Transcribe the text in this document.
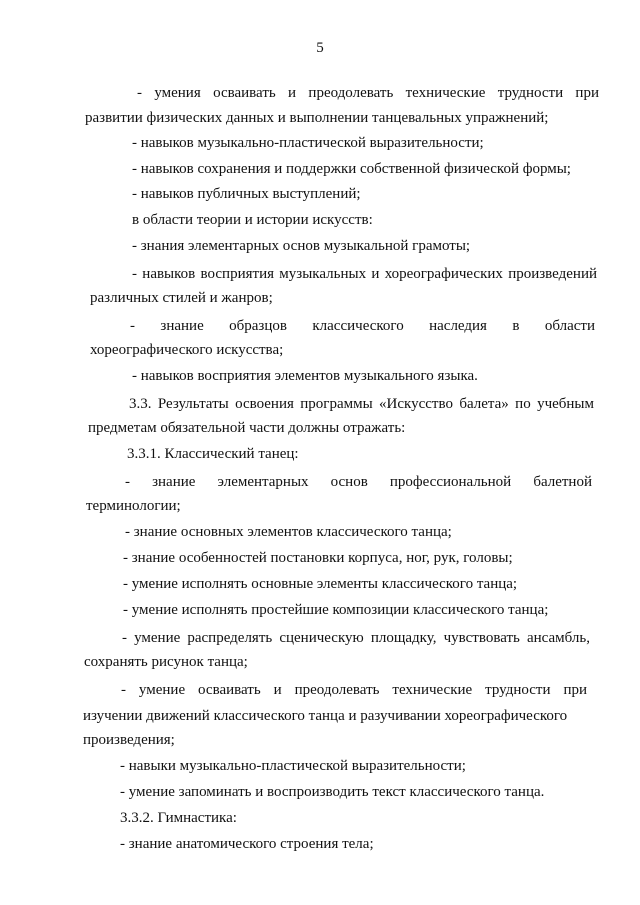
5

- умения осваивать и преодолевать технические трудности при

развитии физических данных и выполнении танцевальных упражнений;

- навыков музыкально-пластической выразительности;

- навыков сохранения и поддержки собственной физической формы;

- навыков публичных выступлений;

в области теории и истории искусств:

- знания элементарных основ музыкальной грамоты;

- навыков восприятия музыкальных и хореографических произведений

различных стилей и жанров;

- знание образцов классического наследия в области

хореографического искусства;

- навыков восприятия элементов музыкального языка.

3.3. Результаты освоения программы «Искусство балета» по учебным

предметам обязательной части должны отражать:

3.3.1. Классический танец:

- знание элементарных основ профессиональной балетной

терминологии;

- знание основных элементов классического танца;

- знание особенностей постановки корпуса, ног, рук, головы;

- умение исполнять основные элементы классического танца;

- умение исполнять простейшие композиции классического танца;

- умение распределять сценическую площадку, чувствовать ансамбль,

сохранять рисунок танца;

- умение осваивать и преодолевать технические трудности при

изучении движений классического танца и разучивании хореографического

произведения;

- навыки музыкально-пластической выразительности;

- умение запоминать и воспроизводить текст классического танца.

3.3.2. Гимнастика:

- знание анатомического строения тела;
